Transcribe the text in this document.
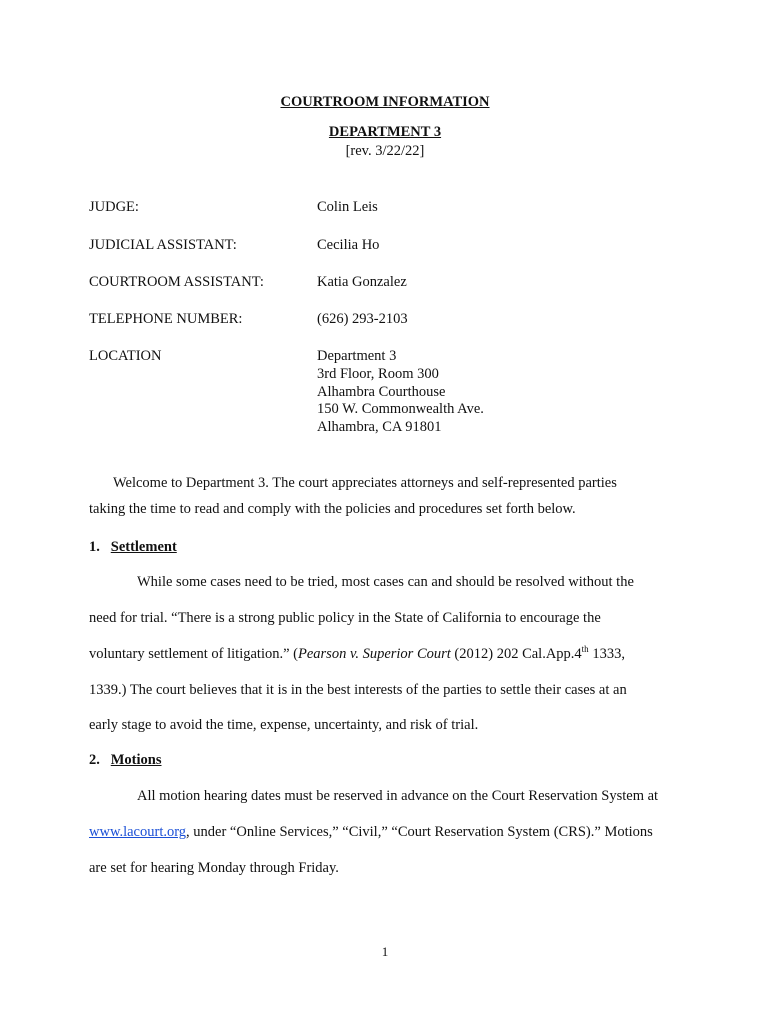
COURTROOM INFORMATION
DEPARTMENT 3
[rev. 3/22/22]
JUDGE:	Colin Leis
JUDICIAL ASSISTANT:	Cecilia Ho
COURTROOM ASSISTANT:	Katia Gonzalez
TELEPHONE NUMBER:	(626) 293-2103
LOCATION	Department 3
3rd Floor, Room 300
Alhambra Courthouse
150 W. Commonwealth Ave.
Alhambra, CA 91801
Welcome to Department 3. The court appreciates attorneys and self-represented parties
taking the time to read and comply with the policies and procedures set forth below.
1. Settlement
While some cases need to be tried, most cases can and should be resolved without the
need for trial. “There is a strong public policy in the State of California to encourage the
voluntary settlement of litigation.” (Pearson v. Superior Court (2012) 202 Cal.App.4th 1333,
1339.) The court believes that it is in the best interests of the parties to settle their cases at an
early stage to avoid the time, expense, uncertainty, and risk of trial.
2. Motions
All motion hearing dates must be reserved in advance on the Court Reservation System at
www.lacourt.org, under “Online Services,” “Civil,” “Court Reservation System (CRS).” Motions
are set for hearing Monday through Friday.
1
